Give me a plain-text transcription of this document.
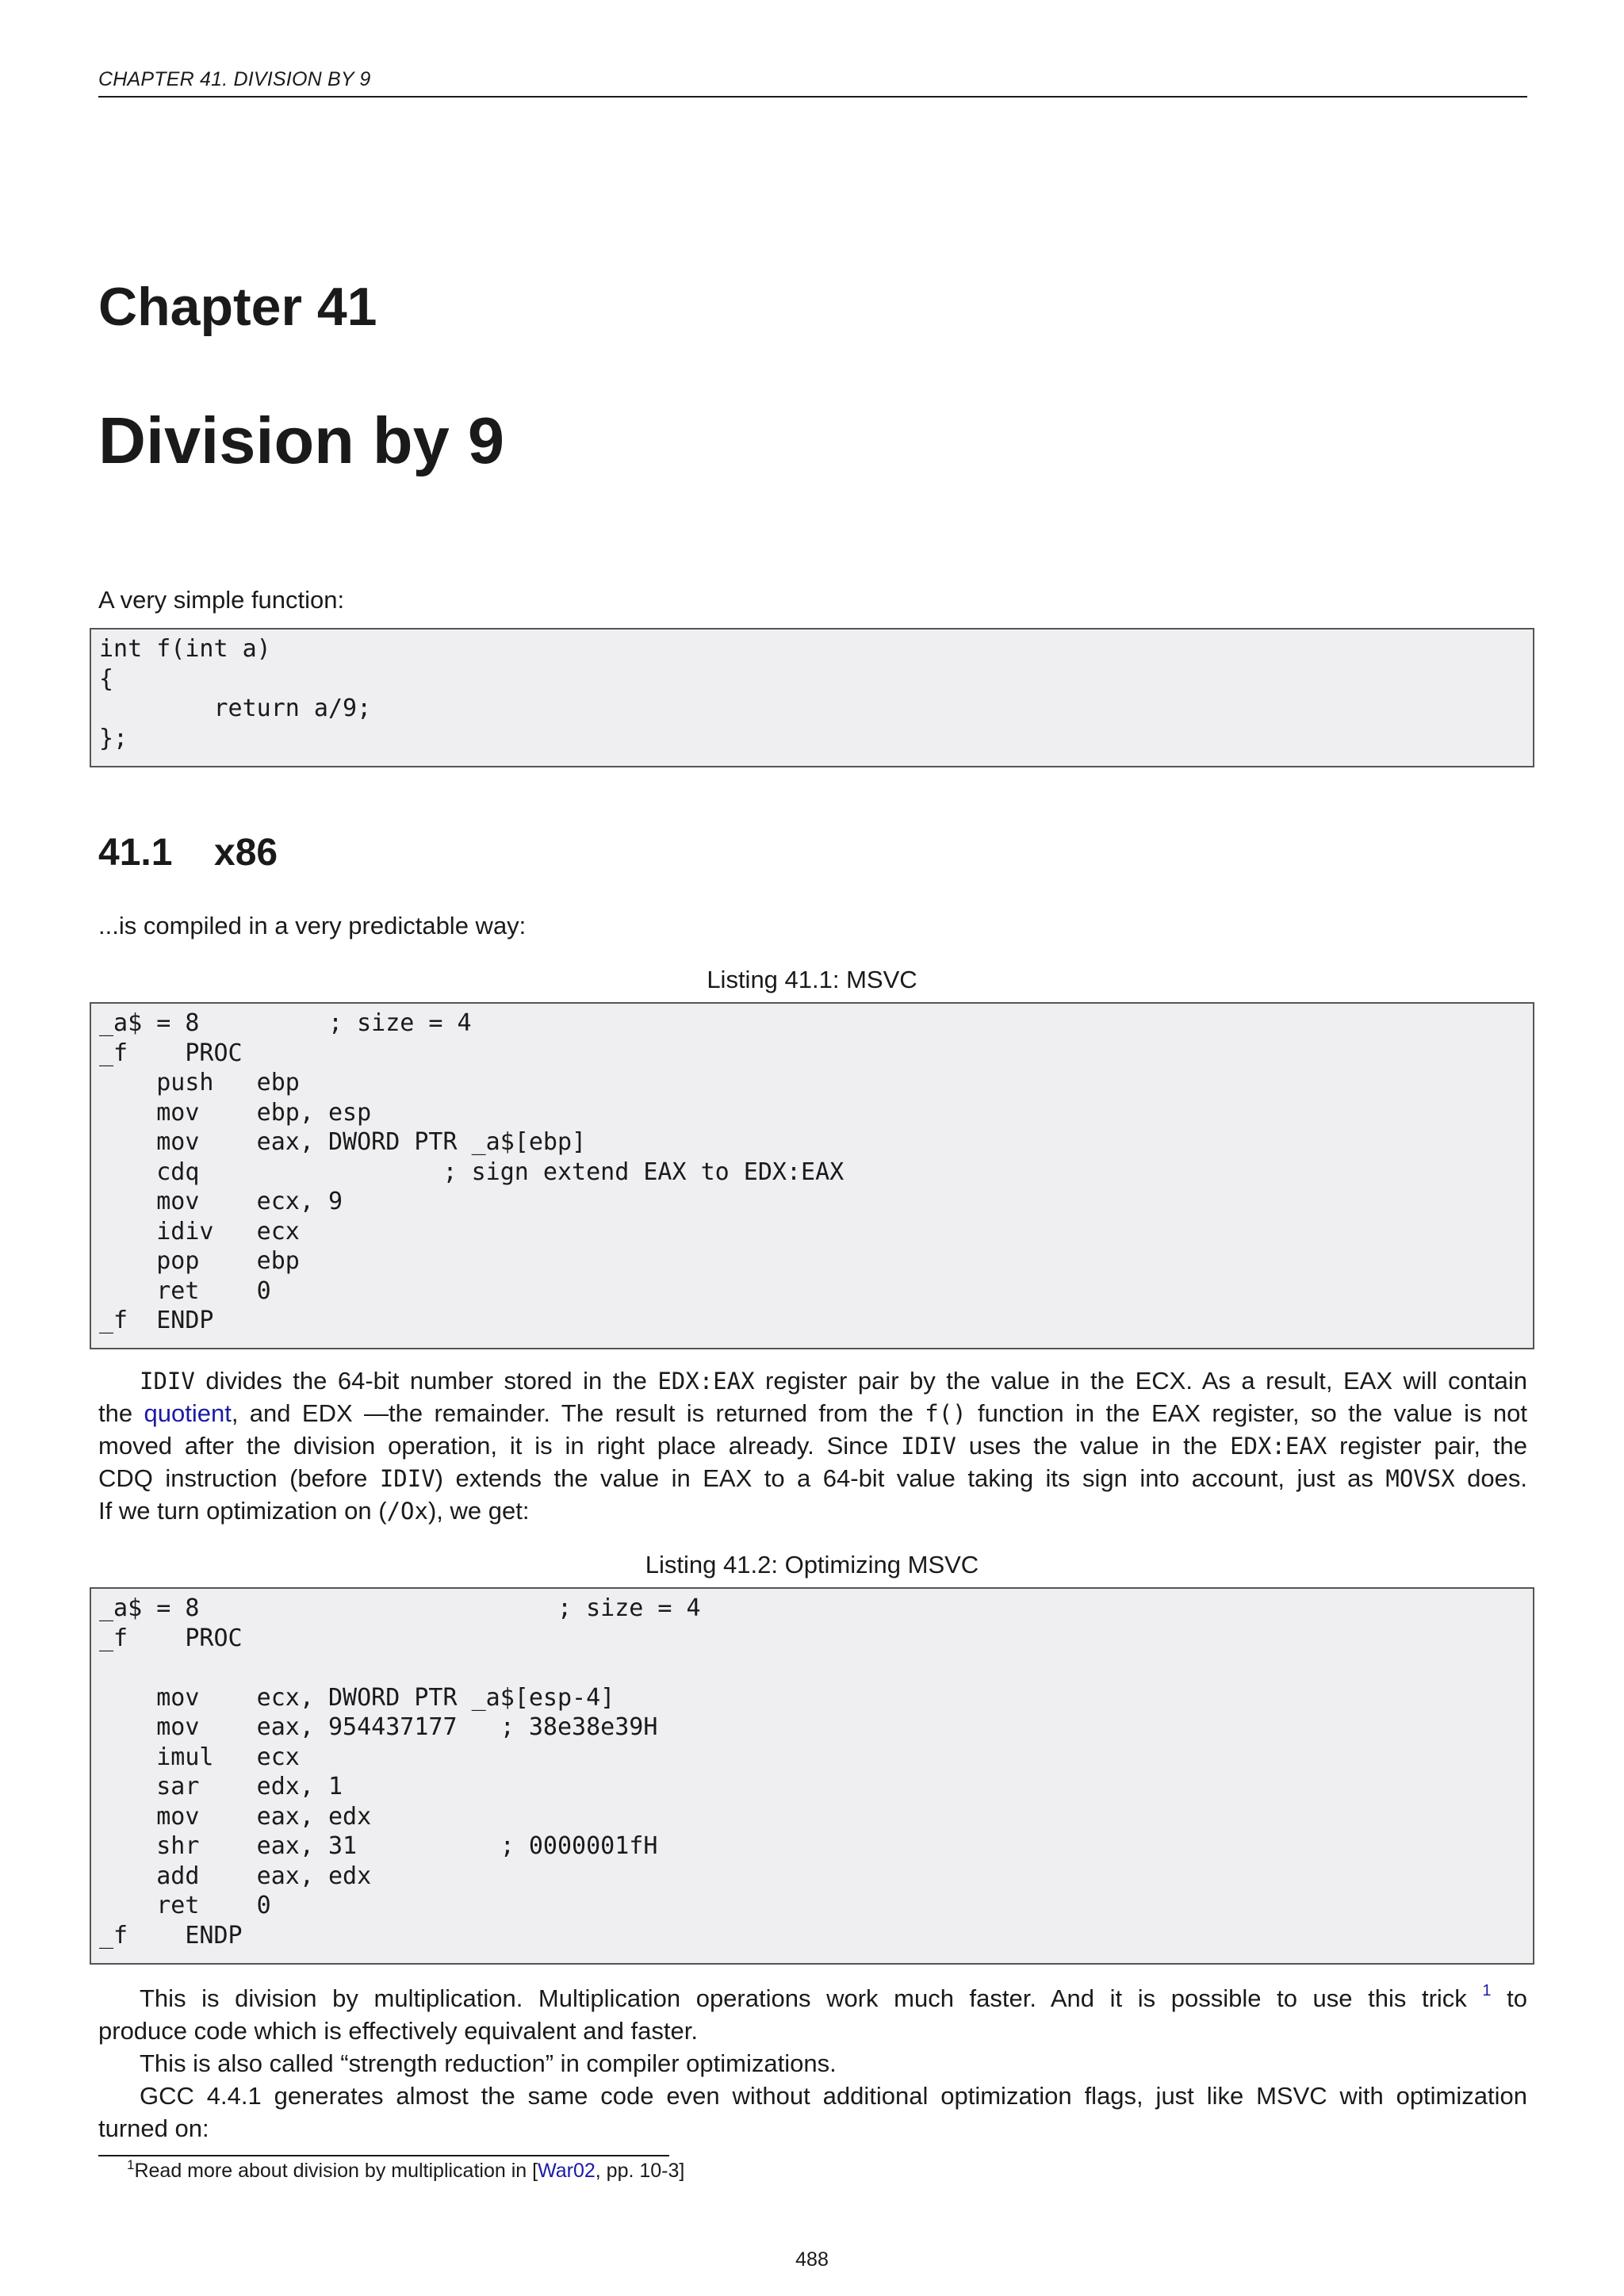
CHAPTER 41. DIVISION BY 9
Chapter 41
Division by 9
A very simple function:
int f(int a)
{
return a/9;
};
41.1 x86
...is compiled in a very predictable way:
Listing 41.1: MSVC
_a$ = 8		; size = 4
_f    PROC
push   ebp
mov    ebp, esp
mov    eax, DWORD PTR _a$[ebp]
cdq			; sign extend EAX to EDX:EAX
mov    ecx, 9
idiv   ecx
pop    ebp
ret    0
_f  ENDP
IDIV divides the 64-bit number stored in the EDX:EAX register pair by the value in the ECX. As a result, EAX will contain
the quotient, and EDX —the remainder. The result is returned from the f() function in the EAX register, so the value is not
moved after the division operation, it is in right place already. Since IDIV uses the value in the EDX:EAX register pair, the
CDQ instruction (before IDIV) extends the value in EAX to a 64-bit value taking its sign into account, just as MOVSX does.
If we turn optimization on (/Ox), we get:
Listing 41.2: Optimizing MSVC
_a$ = 8				; size = 4
_f    PROC

mov    ecx, DWORD PTR _a$[esp-4]
mov    eax, 954437177   ; 38e38e39H
imul   ecx
sar    edx, 1
mov    eax, edx
shr    eax, 31          ; 0000001fH
add    eax, edx
ret    0
_f    ENDP
This is division by multiplication. Multiplication operations work much faster. And it is possible to use this trick $^1$ to
produce code which is effectively equivalent and faster.
This is also called “strength reduction” in compiler optimizations.
GCC 4.4.1 generates almost the same code even without additional optimization flags, just like MSVC with optimization
turned on:
$^1$Read more about division by multiplication in [War02, pp. 10-3]
488
